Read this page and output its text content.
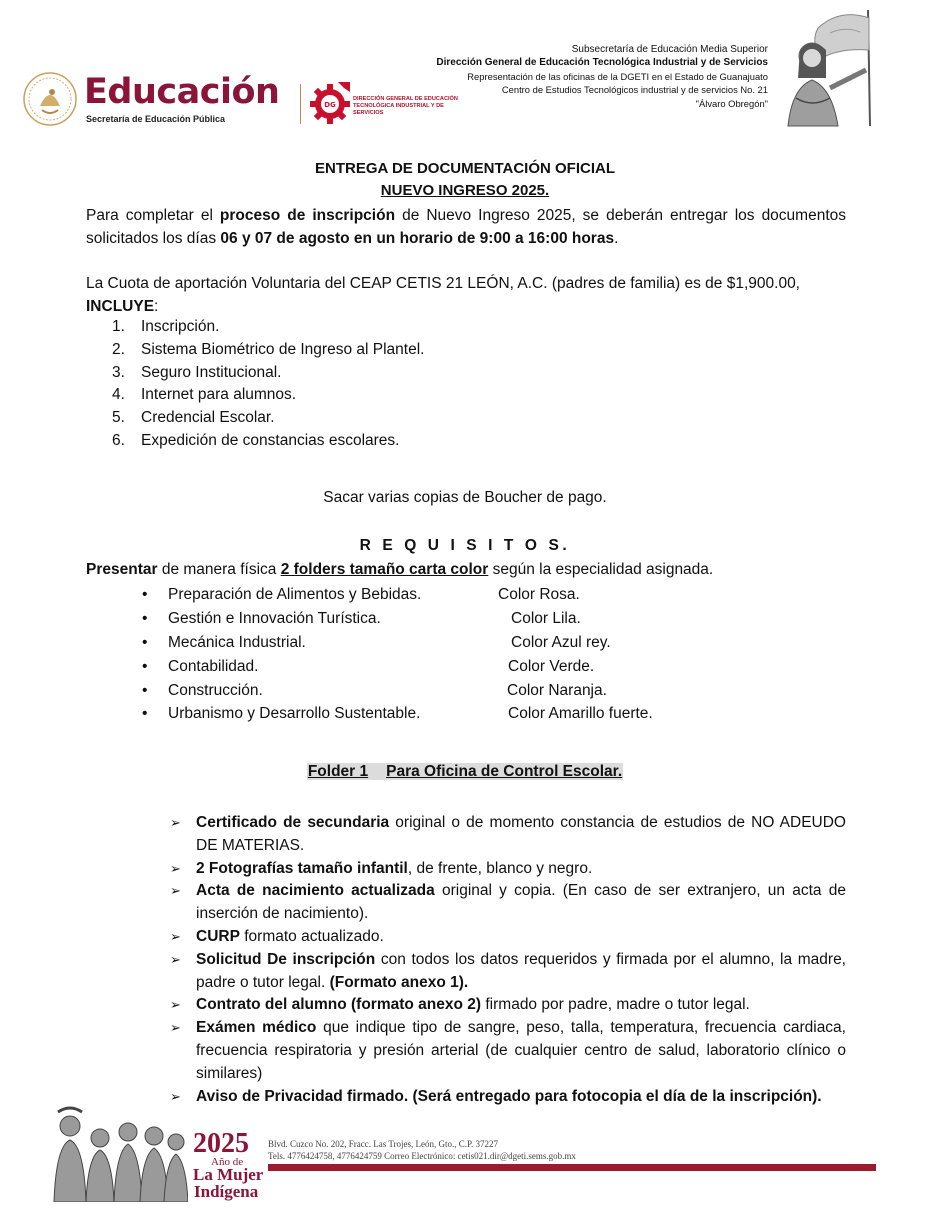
Educación
Secretaría de Educación Pública
DG
DIRECCIÓN GENERAL DE EDUCACIÓN TECNOLÓGICA INDUSTRIAL Y DE SERVICIOS
Subsecretaría de Educación Media Superior
Dirección General de Educación Tecnológica Industrial y de Servicios
Representación de las oficinas de la DGETI en el Estado de Guanajuato
Centro de Estudios Tecnológicos industrial y de servicios No. 21
"Álvaro Obregón"
ENTREGA DE DOCUMENTACIÓN OFICIAL
NUEVO INGRESO 2025.
Para completar el proceso de inscripción de Nuevo Ingreso 2025, se deberán entregar los documentos solicitados los días 06 y 07 de agosto en un horario de 9:00 a 16:00 horas.
La Cuota de aportación Voluntaria del CEAP CETIS 21 LEÓN, A.C. (padres de familia) es de $1,900.00,
INCLUYE:
1.	Inscripción.
2.	Sistema Biométrico de Ingreso al Plantel.
3.	Seguro Institucional.
4.	Internet para alumnos.
5.	Credencial Escolar.
6.	Expedición de constancias escolares.
Sacar varias copias de Boucher de pago.
R E Q U I S I T O S.
Presentar de manera física 2 folders tamaño carta color según la especialidad asignada.
• Preparación de Alimentos y Bebidas.	Color Rosa.
• Gestión e Innovación Turística.	Color Lila.
• Mecánica Industrial.	Color Azul rey.
• Contabilidad.	Color Verde.
• Construcción.	Color Naranja.
• Urbanismo y Desarrollo Sustentable.	Color Amarillo fuerte.
Folder 1 Para Oficina de Control Escolar.
➢ Certificado de secundaria original o de momento constancia de estudios de NO ADEUDO DE MATERIAS.
➢ 2 Fotografías tamaño infantil, de frente, blanco y negro.
➢ Acta de nacimiento actualizada original y copia. (En caso de ser extranjero, un acta de inserción de nacimiento).
➢ CURP formato actualizado.
➢ Solicitud De inscripción con todos los datos requeridos y firmada por el alumno, la madre, padre o tutor legal. (Formato anexo 1).
➢ Contrato del alumno (formato anexo 2) firmado por padre, madre o tutor legal.
➢ Exámen médico que indique tipo de sangre, peso, talla, temperatura, frecuencia cardiaca, frecuencia respiratoria y presión arterial (de cualquier centro de salud, laboratorio clínico o similares)
➢ Aviso de Privacidad firmado. (Será entregado para fotocopia el día de la inscripción).
2025
Año de
La Mujer
Indígena
Blvd. Cuzco No. 202, Fracc. Las Trojes, León, Gto., C.P. 37227
Tels. 4776424758, 4776424759 Correo Electrónico: cetis021.dir@dgeti.sems.gob.mx
